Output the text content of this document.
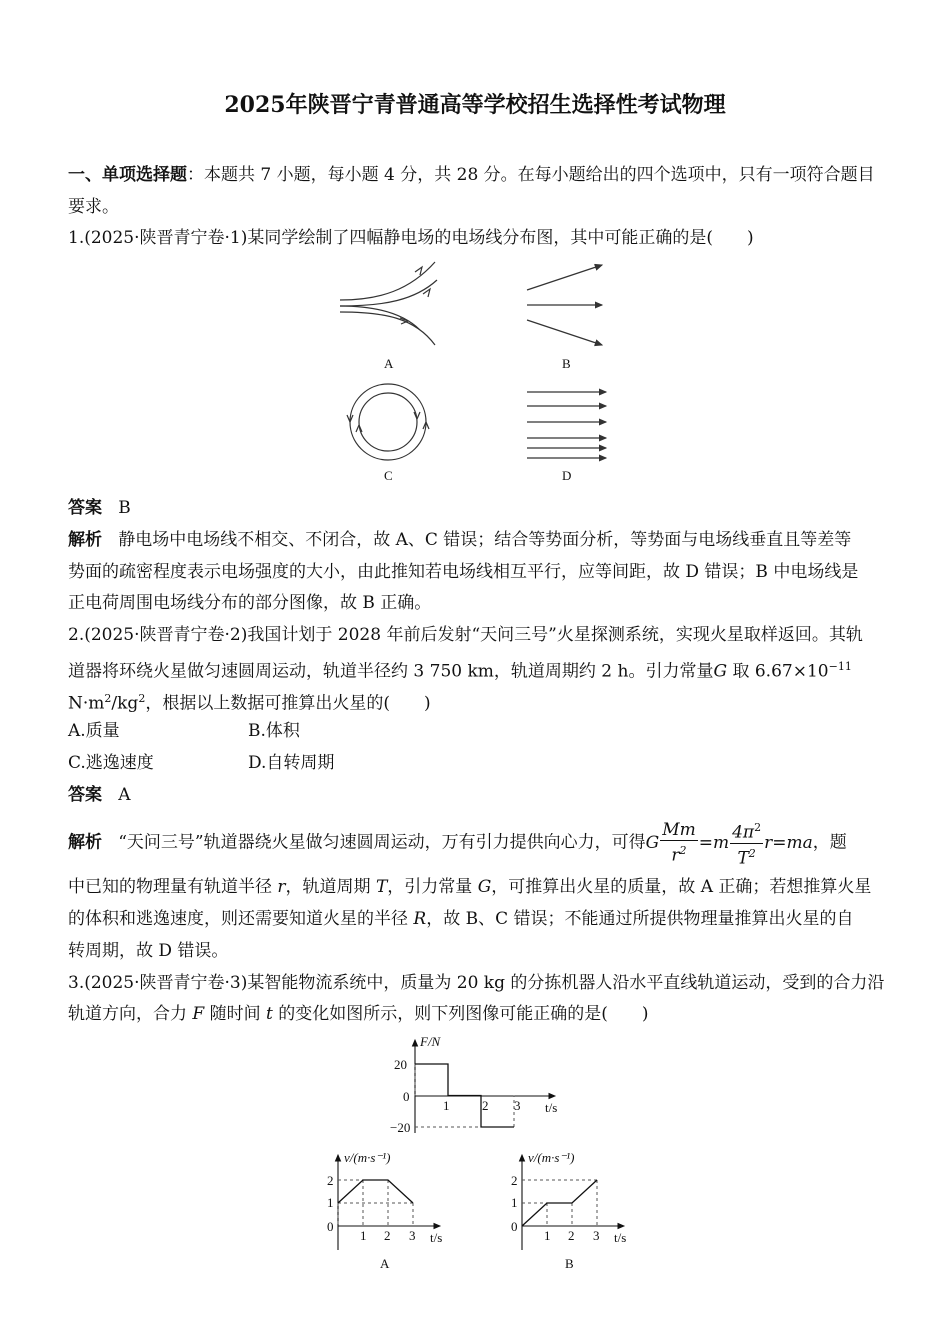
2025年陕晋宁青普通高等学校招生选择性考试物理
一、单项选择题：本题共 7 小题，每小题 4 分，共 28 分。在每小题给出的四个选项中，只有一项符合题目
要求。
1.(2025·陕晋青宁卷·1)某同学绘制了四幅静电场的电场线分布图，其中可能正确的是(　　)
A	B
C	D
答案 B
解析 静电场中电场线不相交、不闭合，故 A、C 错误；结合等势面分析，等势面与电场线垂直且等差等
势面的疏密程度表示电场强度的大小，由此推知若电场线相互平行，应等间距，故 D 错误；B 中电场线是
正电荷周围电场线分布的部分图像，故 B 正确。
2.(2025·陕晋青宁卷·2)我国计划于 2028 年前后发射“天问三号”火星探测系统，实现火星取样返回。其轨
道器将环绕火星做匀速圆周运动，轨道半径约 3 750 km，轨道周期约 2 h。引力常量G 取 $6.67\times 10^{-11}$
$N\cdot m^2/kg^2$，根据以上数据可推算出火星的(　　)
A.质量	B.体积
C.逃逸速度	D.自转周期
答案 A
解析 “天问三号”轨道器绕火星做匀速圆周运动，万有引力提供向心力，可得G $\frac{Mm}{r^2} =m \frac{4\pi^2}{T^2} r=ma$，题
中已知的物理量有轨道半径 r，轨道周期 T，引力常量 G，可推算出火星的质量，故 A 正确；若想推算火星
的体积和逃逸速度，则还需要知道火星的半径 R，故 B、C 错误；不能通过所提供物理量推算出火星的自
转周期，故 D 错误。
3.(2025·陕晋青宁卷·3)某智能物流系统中，质量为 20 kg 的分拣机器人沿水平直线轨道运动，受到的合力沿
轨道方向，合力 F 随时间 t 的变化如图所示，则下列图像可能正确的是(　　)
F/N
t/s
20
0
−20
1	2 3
v/(m·s⁻¹)
t/s
2
1
0
1 2 3
A
v/(m·s⁻¹)
t/s
2
1
0
1 2 3
B
